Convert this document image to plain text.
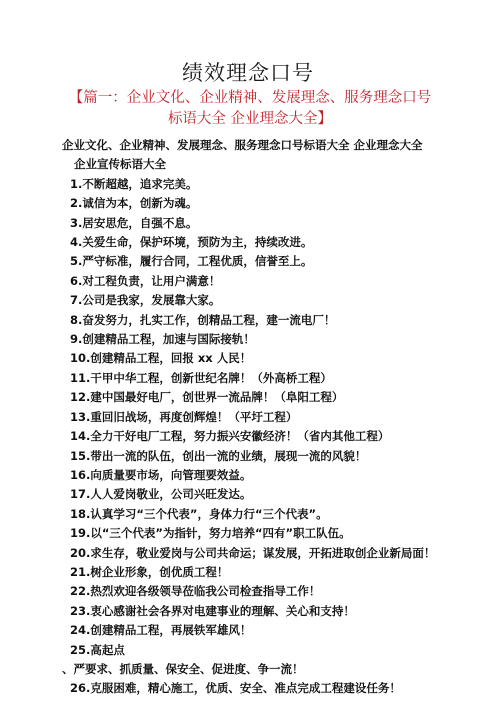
绩效理念口号
【篇一：企业文化、企业精神、发展理念、服务理念口号标语大全 企业理念大全】

企业文化、企业精神、发展理念、服务理念口号标语大全 企业理念大全

企业宣传标语大全

1.不断超越，追求完美。

2.诚信为本，创新为魂。

3.居安思危，自强不息。

4.关爱生命，保护环境，预防为主，持续改进。

5.严守标准，履行合同，工程优质，信誉至上。

6.对工程负责，让用户满意！

7.公司是我家，发展靠大家。

8.奋发努力，扎实工作，创精品工程，建一流电厂！

9.创建精品工程，加速与国际接轨！

10.创建精品工程，回报 xx 人民！

11.干甲中华工程，创新世纪名牌！（外高桥工程）

12.建中国最好电厂，创世界一流品牌！（阜阳工程）

13.重回旧战场，再度创辉煌！（平圩工程）

14.全力干好电厂工程，努力振兴安徽经济！（省内其他工程）

15.带出一流的队伍，创出一流的业绩，展现一流的风貌！

16.向质量要市场，向管理要效益。

17.人人爱岗敬业，公司兴旺发达。

18.认真学习“三个代表”，身体力行“三个代表”。

19.以“三个代表”为指针，努力培养“四有”职工队伍。

20.求生存，敬业爱岗与公司共命运；谋发展，开拓进取创企业新局面！

21.树企业形象，创优质工程！

22.热烈欢迎各级领导莅临我公司检查指导工作！

23.衷心感谢社会各界对电建事业的理解、关心和支持！

24.创建精品工程，再展铁军雄风！

25.高起点

、严要求、抓质量、保安全、促进度、争一流！

26.克服困难，精心施工，优质、安全、准点完成工程建设任务！
